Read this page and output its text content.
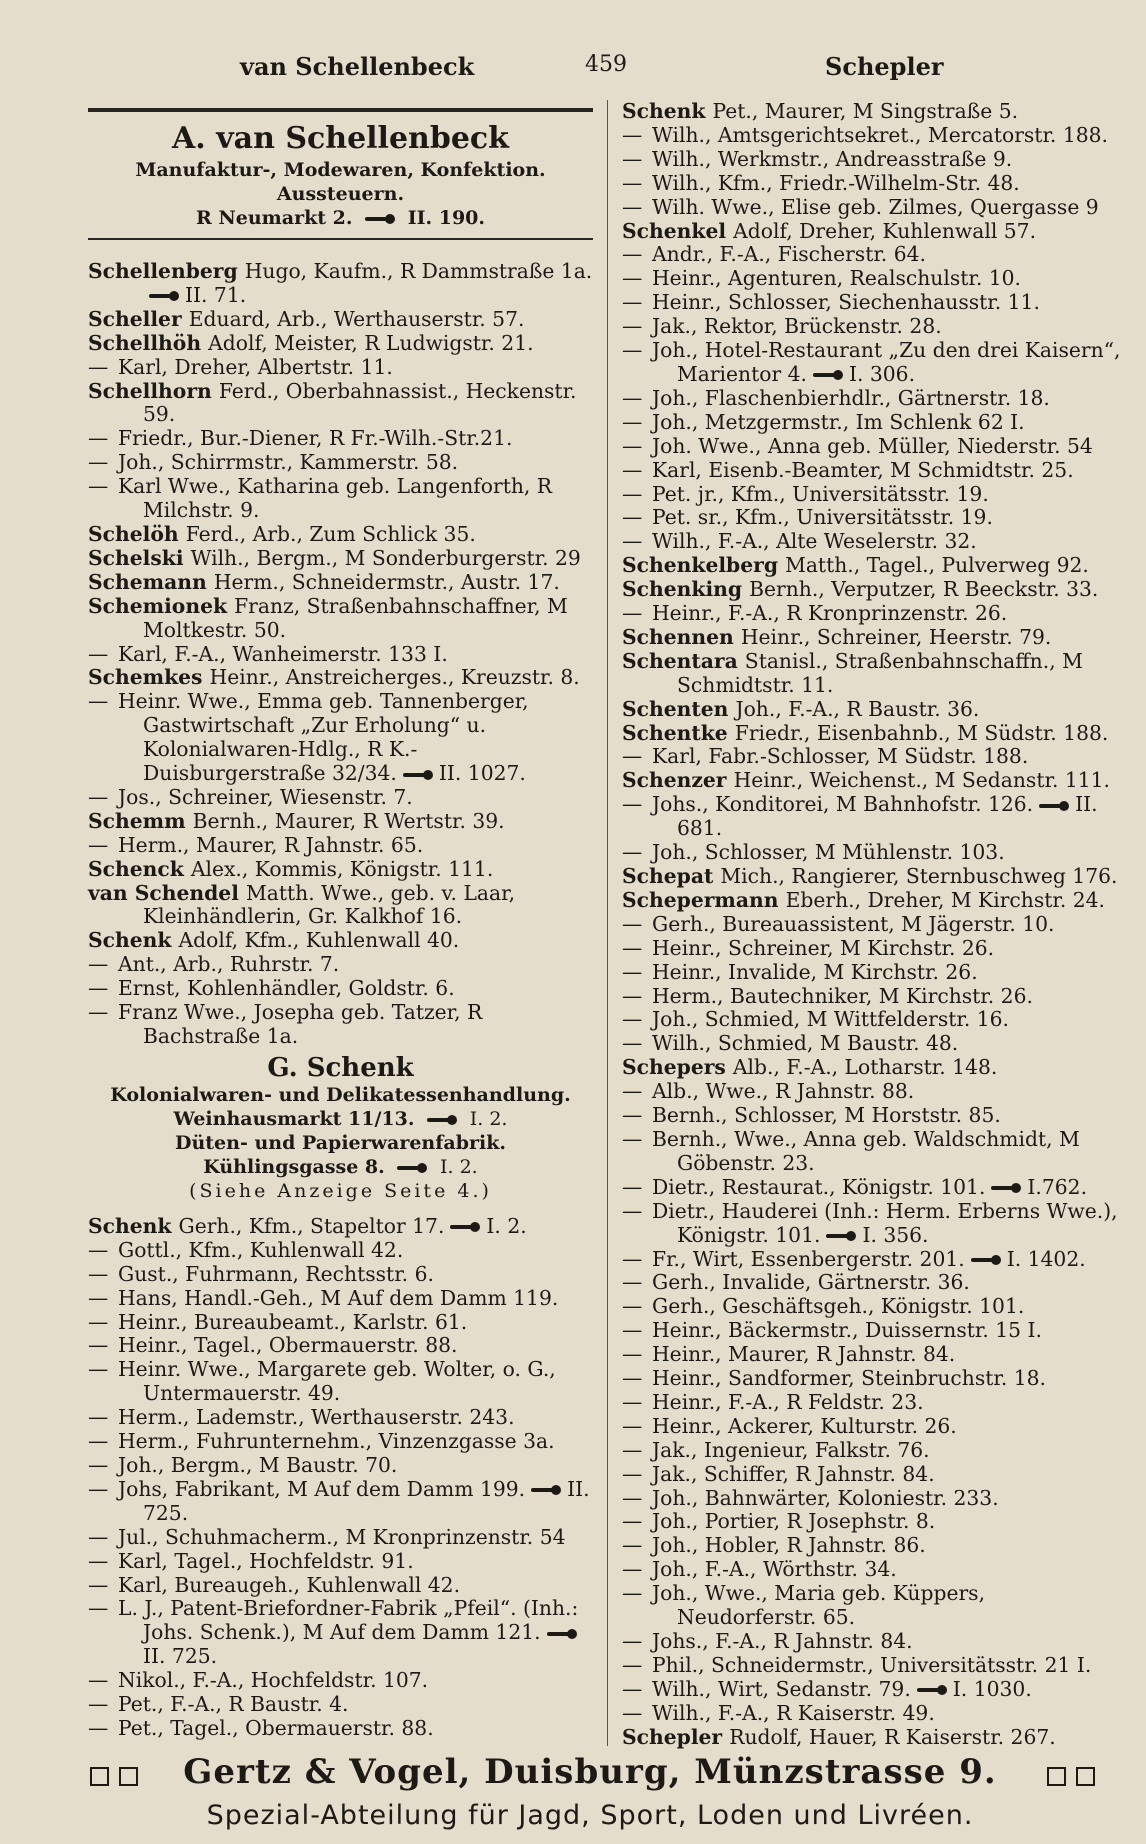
van Schellenbeck	459	Schepler
A. van Schellenbeck
Manufaktur-, Modewaren, Konfektion.
Aussteuern.
R Neumarkt 2.	II. 190.
Schellenberg Hugo, Kaufm., R Dammstraße 1a.II. 71.
Scheller Eduard, Arb., Werthauserstr. 57.
Schellhöh Adolf, Meister, R Ludwigstr. 21.
— Karl, Dreher, Albertstr. 11.
Schellhorn Ferd., Oberbahnassist., Heckenstr. 59.
— Friedr., Bur.-Diener, R Fr.-Wilh.-Str.21.
— Joh., Schirrmstr., Kammerstr. 58.
— Karl Wwe., Katharina geb. Langenforth, R Milchstr. 9.
Schelöh Ferd., Arb., Zum Schlick 35.
Schelski Wilh., Bergm., M Sonderburgerstr. 29
Schemann Herm., Schneidermstr., Austr. 17.
Schemionek Franz, Straßenbahnschaffner, M Moltkestr. 50.
— Karl, F.-A., Wanheimerstr. 133 I.
Schemkes Heinr., Anstreicherges., Kreuzstr. 8.
— Heinr. Wwe., Emma geb. Tannenberger, Gastwirtschaft „Zur Erholung“ u. Kolonialwaren-Hdlg., R K.-Duisburgerstraße 32/34. II. 1027.
— Jos., Schreiner, Wiesenstr. 7.
Schemm Bernh., Maurer, R Wertstr. 39.
— Herm., Maurer, R Jahnstr. 65.
Schenck Alex., Kommis, Königstr. 111.
van Schendel Matth. Wwe., geb. v. Laar, Kleinhändlerin, Gr. Kalkhof 16.
Schenk Adolf, Kfm., Kuhlenwall 40.
— Ant., Arb., Ruhrstr. 7.
— Ernst, Kohlenhändler, Goldstr. 6.
— Franz Wwe., Josepha geb. Tatzer, R Bachstraße 1a.
G. Schenk
Kolonialwaren- und Delikatessenhandlung.
Weinhausmarkt 11/13.	I. 2.
Düten- und Papierwarenfabrik.
Kühlingsgasse 8.	I. 2.
(Siehe Anzeige Seite 4.)
Schenk Gerh., Kfm., Stapeltor 17. I. 2.
— Gottl., Kfm., Kuhlenwall 42.
— Gust., Fuhrmann, Rechtsstr. 6.
— Hans, Handl.-Geh., M Auf dem Damm 119.
— Heinr., Bureaubeamt., Karlstr. 61.
— Heinr., Tagel., Obermauerstr. 88.
— Heinr. Wwe., Margarete geb. Wolter, o. G., Untermauerstr. 49.
— Herm., Lademstr., Werthauserstr. 243.
— Herm., Fuhrunternehm., Vinzenzgasse 3a.
— Joh., Bergm., M Baustr. 70.
— Johs, Fabrikant, M Auf dem Damm 199. II. 725.
— Jul., Schuhmacherm., M Kronprinzenstr. 54
— Karl, Tagel., Hochfeldstr. 91.
— Karl, Bureaugeh., Kuhlenwall 42.
— L. J., Patent-Briefordner-Fabrik „Pfeil“. (Inh.: Johs. Schenk.), M Auf dem Damm 121.II. 725.
— Nikol., F.-A., Hochfeldstr. 107.
— Pet., F.-A., R Baustr. 4.
— Pet., Tagel., Obermauerstr. 88.
Schenk Pet., Maurer, M Singstraße 5.
— Wilh., Amtsgerichtsekret., Mercatorstr. 188.
— Wilh., Werkmstr., Andreasstraße 9.
— Wilh., Kfm., Friedr.-Wilhelm-Str. 48.
— Wilh. Wwe., Elise geb. Zilmes, Quergasse 9
Schenkel Adolf, Dreher, Kuhlenwall 57.
— Andr., F.-A., Fischerstr. 64.
— Heinr., Agenturen, Realschulstr. 10.
— Heinr., Schlosser, Siechenhausstr. 11.
— Jak., Rektor, Brückenstr. 28.
— Joh., Hotel-Restaurant „Zu den drei Kaisern“, Marientor 4. I. 306.
— Joh., Flaschenbierhdlr., Gärtnerstr. 18.
— Joh., Metzgermstr., Im Schlenk 62 I.
— Joh. Wwe., Anna geb. Müller, Niederstr. 54
— Karl, Eisenb.-Beamter, M Schmidtstr. 25.
— Pet. jr., Kfm., Universitätsstr. 19.
— Pet. sr., Kfm., Universitätsstr. 19.
— Wilh., F.-A., Alte Weselerstr. 32.
Schenkelberg Matth., Tagel., Pulverweg 92.
Schenking Bernh., Verputzer, R Beeckstr. 33.
— Heinr., F.-A., R Kronprinzenstr. 26.
Schennen Heinr., Schreiner, Heerstr. 79.
Schentara Stanisl., Straßenbahnschaffn., M Schmidtstr. 11.
Schenten Joh., F.-A., R Baustr. 36.
Schentke Friedr., Eisenbahnb., M Südstr. 188.
— Karl, Fabr.-Schlosser, M Südstr. 188.
Schenzer Heinr., Weichenst., M Sedanstr. 111.
— Johs., Konditorei, M Bahnhofstr. 126. II. 681.
— Joh., Schlosser, M Mühlenstr. 103.
Schepat Mich., Rangierer, Sternbuschweg 176.
Schepermann Eberh., Dreher, M Kirchstr. 24.
— Gerh., Bureauassistent, M Jägerstr. 10.
— Heinr., Schreiner, M Kirchstr. 26.
— Heinr., Invalide, M Kirchstr. 26.
— Herm., Bautechniker, M Kirchstr. 26.
— Joh., Schmied, M Wittfelderstr. 16.
— Wilh., Schmied, M Baustr. 48.
Schepers Alb., F.-A., Lotharstr. 148.
— Alb., Wwe., R Jahnstr. 88.
— Bernh., Schlosser, M Horststr. 85.
— Bernh., Wwe., Anna geb. Waldschmidt, M Göbenstr. 23.
— Dietr., Restaurat., Königstr. 101. I.762.
— Dietr., Hauderei (Inh.: Herm. Erberns Wwe.), Königstr. 101. I. 356.
— Fr., Wirt, Essenbergerstr. 201. I. 1402.
— Gerh., Invalide, Gärtnerstr. 36.
— Gerh., Geschäftsgeh., Königstr. 101.
— Heinr., Bäckermstr., Duissernstr. 15 I.
— Heinr., Maurer, R Jahnstr. 84.
— Heinr., Sandformer, Steinbruchstr. 18.
— Heinr., F.-A., R Feldstr. 23.
— Heinr., Ackerer, Kulturstr. 26.
— Jak., Ingenieur, Falkstr. 76.
— Jak., Schiffer, R Jahnstr. 84.
— Joh., Bahnwärter, Koloniestr. 233.
— Joh., Portier, R Josephstr. 8.
— Joh., Hobler, R Jahnstr. 86.
— Joh., F.-A., Wörthstr. 34.
— Joh., Wwe., Maria geb. Küppers, Neudorferstr. 65.
— Johs., F.-A., R Jahnstr. 84.
— Phil., Schneidermstr., Universitätsstr. 21 I.
— Wilh., Wirt, Sedanstr. 79. I. 1030.
— Wilh., F.-A., R Kaiserstr. 49.
Schepler Rudolf, Hauer, R Kaiserstr. 267.
Gertz & Vogel, Duisburg, Münzstrasse 9.
Spezial-Abteilung für Jagd, Sport, Loden und Livréen.
